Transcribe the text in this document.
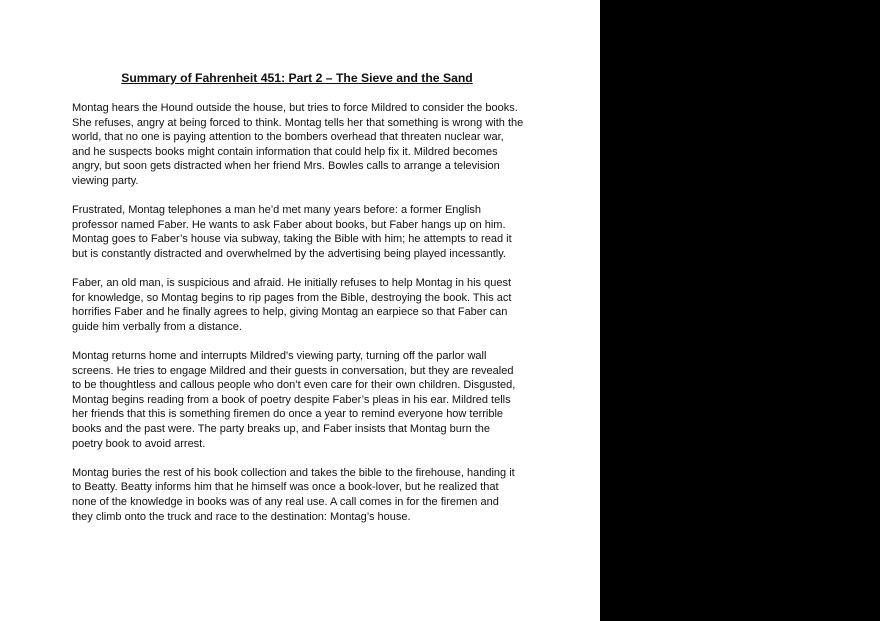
Summary of Fahrenheit 451: Part 2 – The Sieve and the Sand

Montag hears the Hound outside the house, but tries to force Mildred to consider the books.
She refuses, angry at being forced to think. Montag tells her that something is wrong with the
world, that no one is paying attention to the bombers overhead that threaten nuclear war,
and he suspects books might contain information that could help fix it. Mildred becomes
angry, but soon gets distracted when her friend Mrs. Bowles calls to arrange a television
viewing party.

Frustrated, Montag telephones a man he’d met many years before: a former English
professor named Faber. He wants to ask Faber about books, but Faber hangs up on him.
Montag goes to Faber’s house via subway, taking the Bible with him; he attempts to read it
but is constantly distracted and overwhelmed by the advertising being played incessantly.

Faber, an old man, is suspicious and afraid. He initially refuses to help Montag in his quest
for knowledge, so Montag begins to rip pages from the Bible, destroying the book. This act
horrifies Faber and he finally agrees to help, giving Montag an earpiece so that Faber can
guide him verbally from a distance.

Montag returns home and interrupts Mildred's viewing party, turning off the parlor wall
screens. He tries to engage Mildred and their guests in conversation, but they are revealed
to be thoughtless and callous people who don’t even care for their own children. Disgusted,
Montag begins reading from a book of poetry despite Faber’s pleas in his ear. Mildred tells
her friends that this is something firemen do once a year to remind everyone how terrible
books and the past were. The party breaks up, and Faber insists that Montag burn the
poetry book to avoid arrest.

Montag buries the rest of his book collection and takes the bible to the firehouse, handing it
to Beatty. Beatty informs him that he himself was once a book-lover, but he realized that
none of the knowledge in books was of any real use. A call comes in for the firemen and
they climb onto the truck and race to the destination: Montag’s house.
